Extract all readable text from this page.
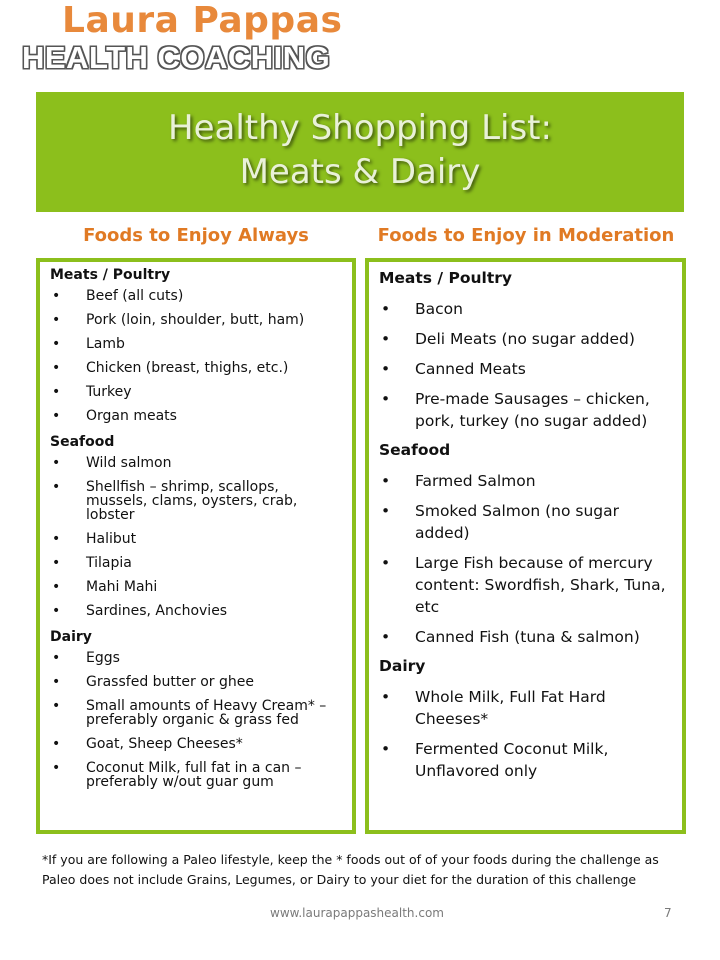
Laura Pappas
HEALTH COACHING
Healthy Shopping List:
Meats & Dairy
Foods to Enjoy Always	Foods to Enjoy in Moderation
Meats / Poultry
• Beef (all cuts)
• Pork (loin, shoulder, butt, ham)
• Lamb
• Chicken (breast, thighs, etc.)
• Turkey
• Organ meats
Seafood
• Wild salmon
• Shellfish – shrimp, scallops, mussels, clams, oysters, crab, lobster
• Halibut
• Tilapia
• Mahi Mahi
• Sardines, Anchovies
Dairy
• Eggs
• Grassfed butter or ghee
• Small amounts of Heavy Cream* – preferably organic & grass fed
• Goat, Sheep Cheeses*
• Coconut Milk, full fat in a can – preferably w/out guar gum
Meats / Poultry
• Bacon
• Deli Meats (no sugar added)
• Canned Meats
• Pre-made Sausages – chicken, pork, turkey (no sugar added)
Seafood
• Farmed Salmon
• Smoked Salmon (no sugar added)
• Large Fish because of mercury content: Swordfish, Shark, Tuna, etc
• Canned Fish (tuna & salmon)
Dairy
• Whole Milk, Full Fat Hard Cheeses*
• Fermented Coconut Milk, Unflavored only
*If you are following a Paleo lifestyle, keep the * foods out of of your foods during the challenge as Paleo does not include Grains, Legumes, or Dairy to your diet for the duration of this challenge
www.laurapappashealth.com	7
